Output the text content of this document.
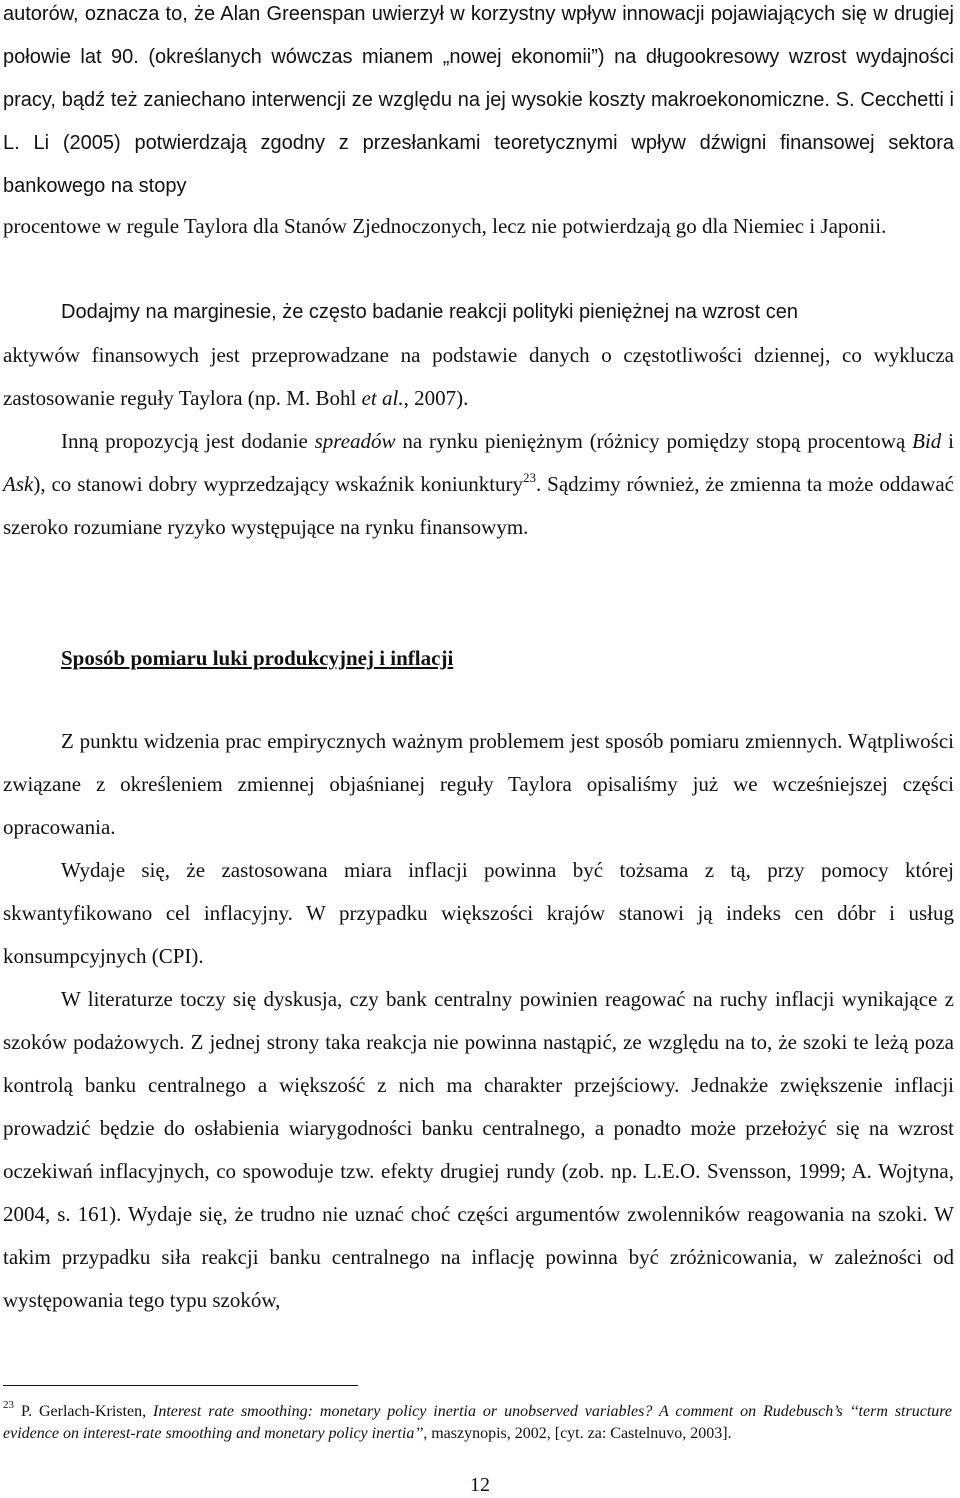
autorów, oznacza to, że Alan Greenspan uwierzył w korzystny wpływ innowacji pojawiających się w drugiej połowie lat 90. (określanych wówczas mianem „nowej ekonomii”) na długookresowy wzrost wydajności pracy, bądź też zaniechano interwencji ze względu na jej wysokie koszty makroekonomiczne. S. Cecchetti i L. Li (2005) potwierdzają zgodny z przesłankami teoretycznymi wpływ dźwigni finansowej sektora bankowego na stopy

procentowe w regule Taylora dla Stanów Zjednoczonych, lecz nie potwierdzają go dla Niemiec i Japonii.

Dodajmy na marginesie, że często badanie reakcji polityki pieniężnej na wzrost cen

aktywów finansowych jest przeprowadzane na podstawie danych o częstotliwości dziennej, co wyklucza zastosowanie reguły Taylora (np. M. Bohl et al., 2007).

Inną propozycją jest dodanie spreadów na rynku pieniężnym (różnicy pomiędzy stopą procentową Bid i Ask), co stanowi dobry wyprzedzający wskaźnik koniunktury$^{23}$. Sądzimy również, że zmienna ta może oddawać szeroko rozumiane ryzyko występujące na rynku finansowym.

Sposób pomiaru luki produkcyjnej i inflacji

Z punktu widzenia prac empirycznych ważnym problemem jest sposób pomiaru zmiennych. Wątpliwości związane z określeniem zmiennej objaśnianej reguły Taylora opisaliśmy już we wcześniejszej części opracowania.

Wydaje się, że zastosowana miara inflacji powinna być tożsama z tą, przy pomocy której skwantyfikowano cel inflacyjny. W przypadku większości krajów stanowi ją indeks cen dóbr i usług konsumpcyjnych (CPI).

W literaturze toczy się dyskusja, czy bank centralny powinien reagować na ruchy inflacji wynikające z szoków podażowych. Z jednej strony taka reakcja nie powinna nastąpić, ze względu na to, że szoki te leżą poza kontrolą banku centralnego a większość z nich ma charakter przejściowy. Jednakże zwiększenie inflacji prowadzić będzie do osłabienia wiarygodności banku centralnego, a ponadto może przełożyć się na wzrost oczekiwań inflacyjnych, co spowoduje tzw. efekty drugiej rundy (zob. np. L.E.O. Svensson, 1999; A. Wojtyna, 2004, s. 161). Wydaje się, że trudno nie uznać choć części argumentów zwolenników reagowania na szoki. W takim przypadku siła reakcji banku centralnego na inflację powinna być zróżnicowania, w zależności od występowania tego typu szoków,

$^{23}$ P. Gerlach-Kristen, Interest rate smoothing: monetary policy inertia or unobserved variables? A comment on Rudebusch’s ‘‘term structure evidence on interest-rate smoothing and monetary policy inertia’’, maszynopis, 2002, [cyt. za: Castelnuvo, 2003].

12
